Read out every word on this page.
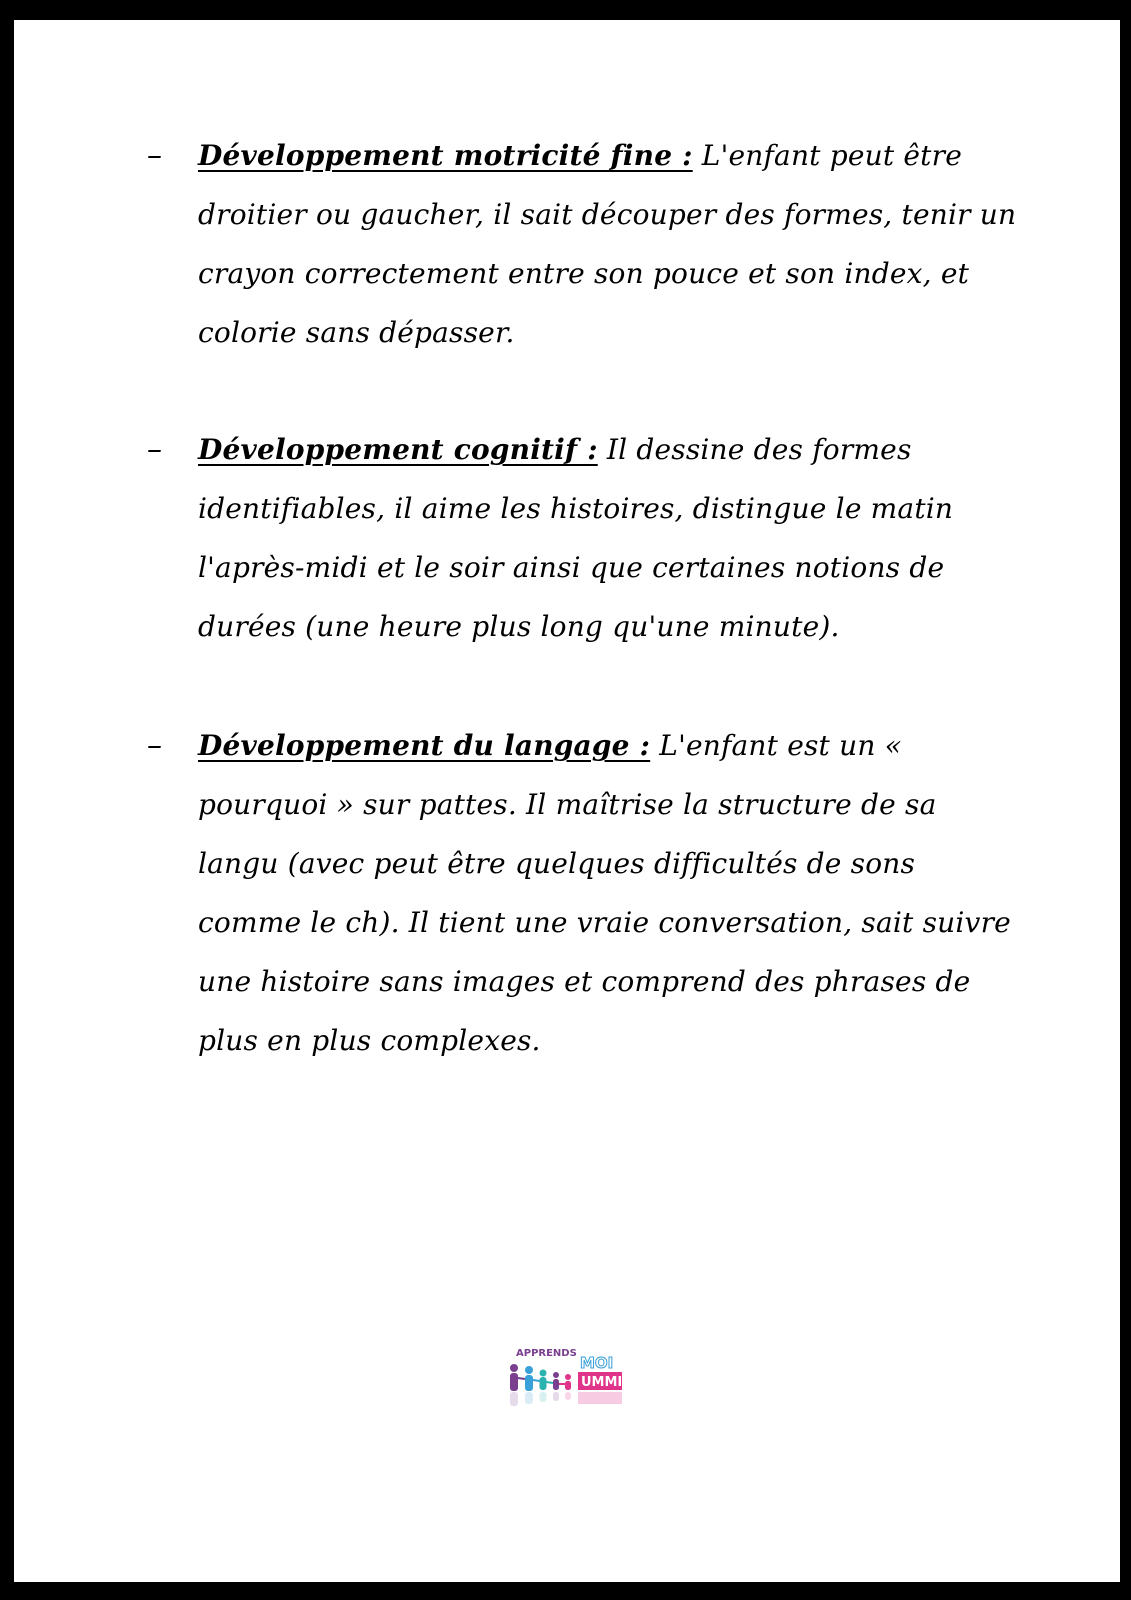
–	Développement motricité fine : L'enfant peut être droitier ou gaucher, il sait découper des formes, tenir un crayon correctement entre son pouce et son index, et colorie sans dépasser.
–	Développement cognitif : Il dessine des formes identifiables, il aime les histoires, distingue le matin l'après-midi et le soir ainsi que certaines notions de durées (une heure plus long qu'une minute).
–	Développement du langage : L'enfant est un « pourquoi » sur pattes. Il maîtrise la structure de sa langu (avec peut être quelques difficultés de sons comme le ch). Il tient une vraie conversation, sait suivre une histoire sans images et comprend des phrases de plus en plus complexes.
APPRENDS
MOI
UMMI
